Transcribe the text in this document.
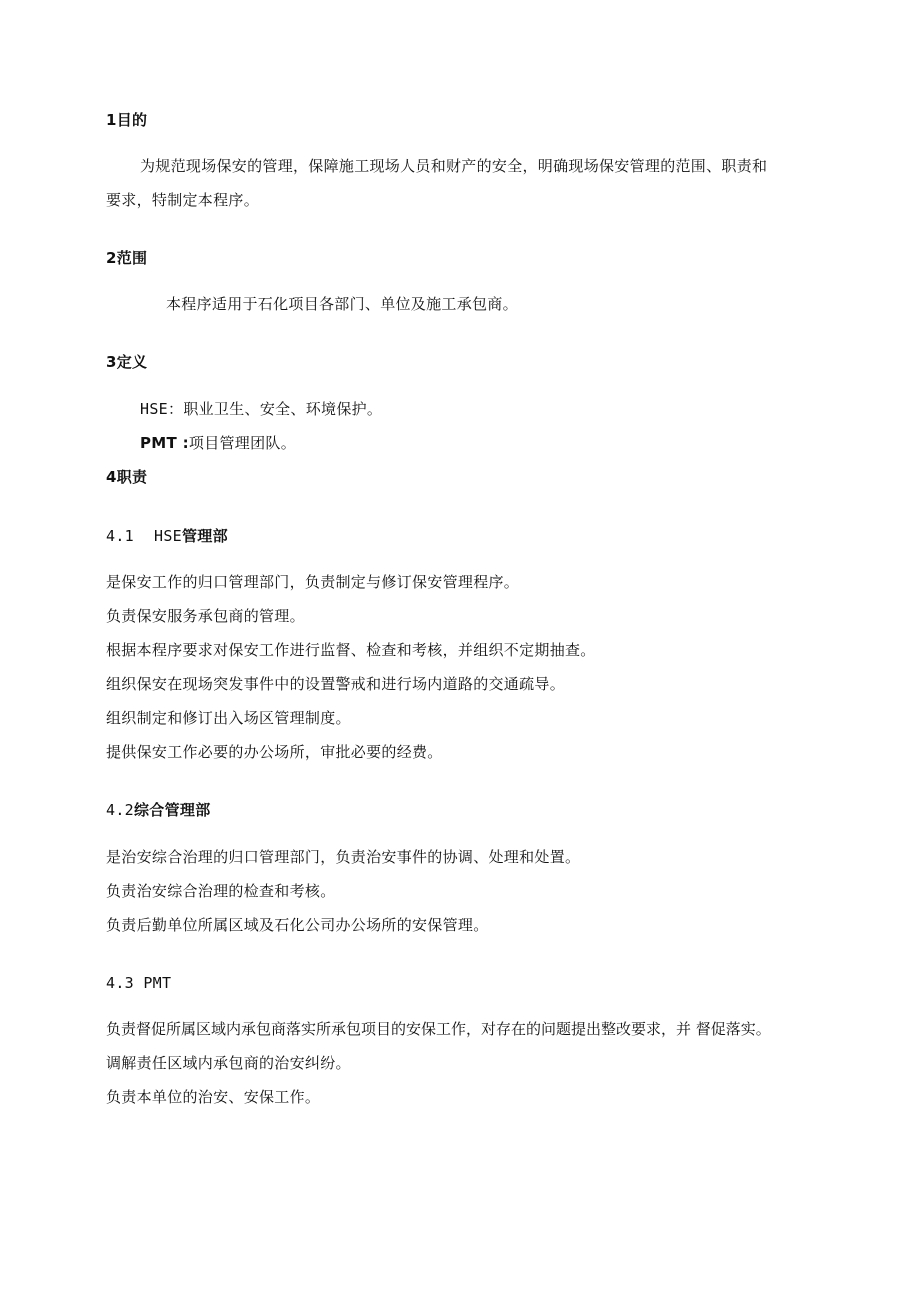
1目的
为规范现场保安的管理，保障施工现场人员和财产的安全，明确现场保安管理的范围、职责和
要求，特制定本程序。
2范围
本程序适用于石化项目各部门、单位及施工承包商。
3定义
HSE：职业卫生、安全、环境保护。
PMT :项目管理团队。
4职责
4.1 HSE管理部
是保安工作的归口管理部门，负责制定与修订保安管理程序。
负责保安服务承包商的管理。
根据本程序要求对保安工作进行监督、检查和考核，并组织不定期抽查。
组织保安在现场突发事件中的设置警戒和进行场内道路的交通疏导。
组织制定和修订出入场区管理制度。
提供保安工作必要的办公场所，审批必要的经费。
4.2综合管理部
是治安综合治理的归口管理部门，负责治安事件的协调、处理和处置。
负责治安综合治理的检查和考核。
负责后勤单位所属区域及石化公司办公场所的安保管理。
4.3 PMT
负责督促所属区域内承包商落实所承包项目的安保工作，对存在的问题提出整改要求，并 督促落实。
调解责任区域内承包商的治安纠纷。
负责本单位的治安、安保工作。
